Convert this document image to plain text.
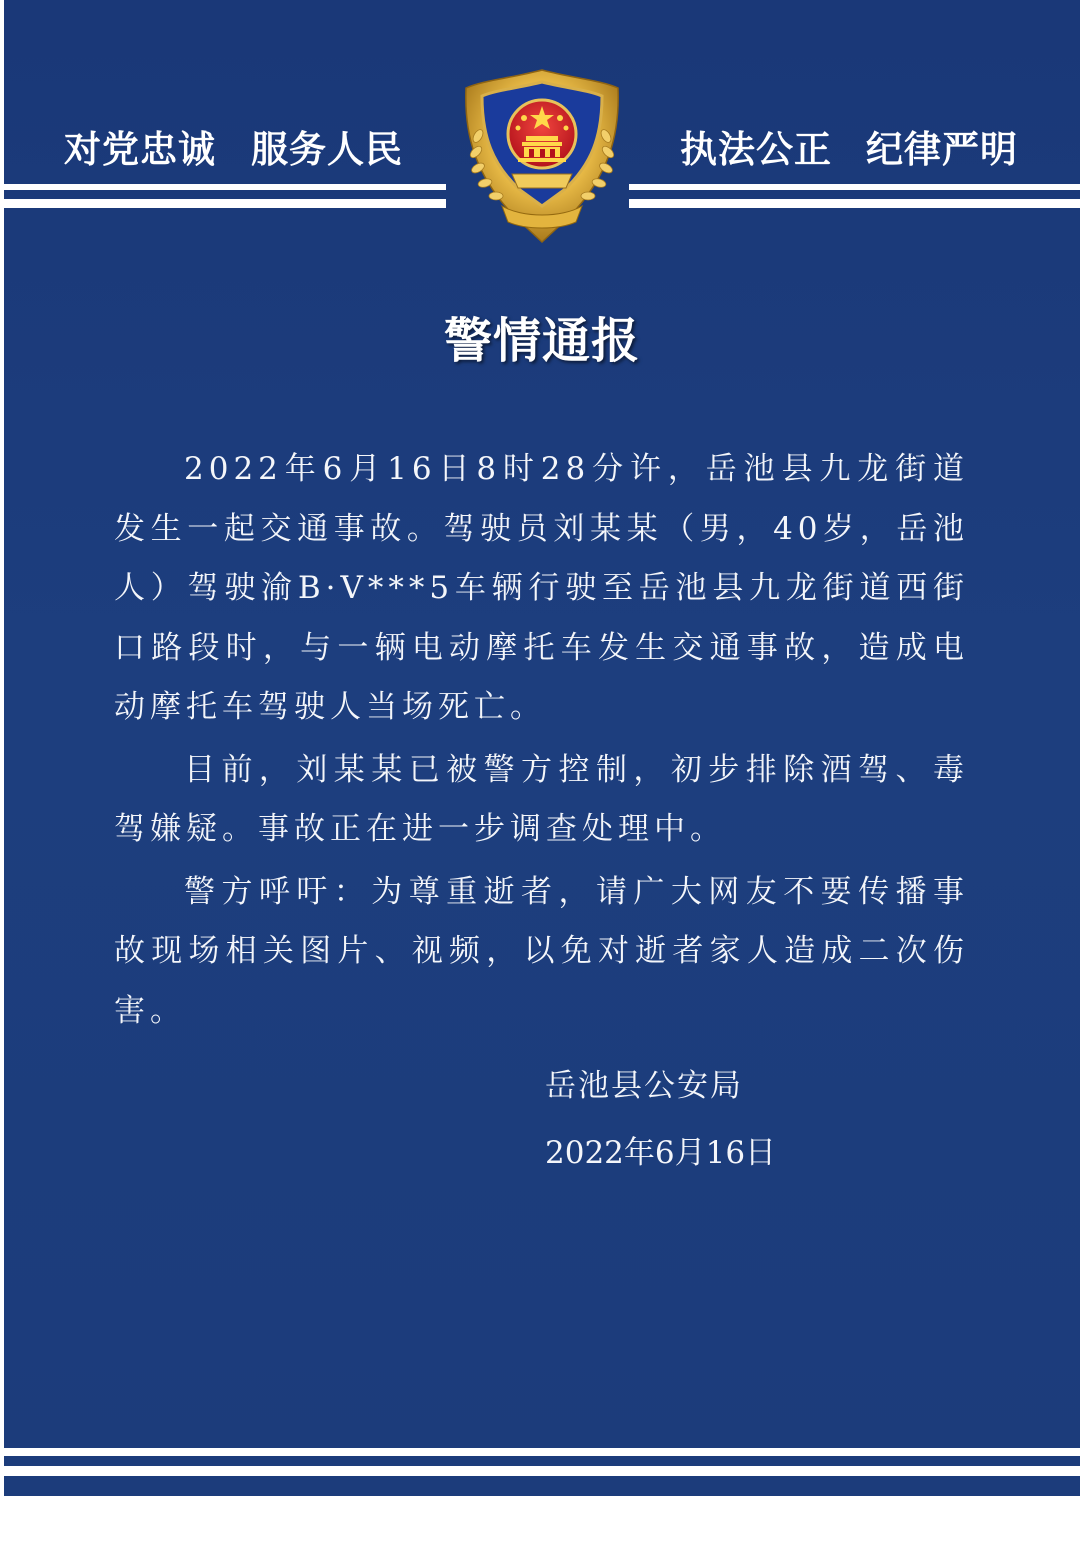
对党忠诚 服务人民	执法公正 纪律严明
警情通报

2022年6月16日8时28分许，岳池县九龙街道发生一起交通事故。驾驶员刘某某（男，40岁，岳池人）驾驶渝B·V***5车辆行驶至岳池县九龙街道西街口路段时，与一辆电动摩托车发生交通事故，造成电动摩托车驾驶人当场死亡。

目前，刘某某已被警方控制，初步排除酒驾、毒驾嫌疑。事故正在进一步调查处理中。

警方呼吁：为尊重逝者，请广大网友不要传播事故现场相关图片、视频，以免对逝者家人造成二次伤害。

岳池县公安局
2022年6月16日
